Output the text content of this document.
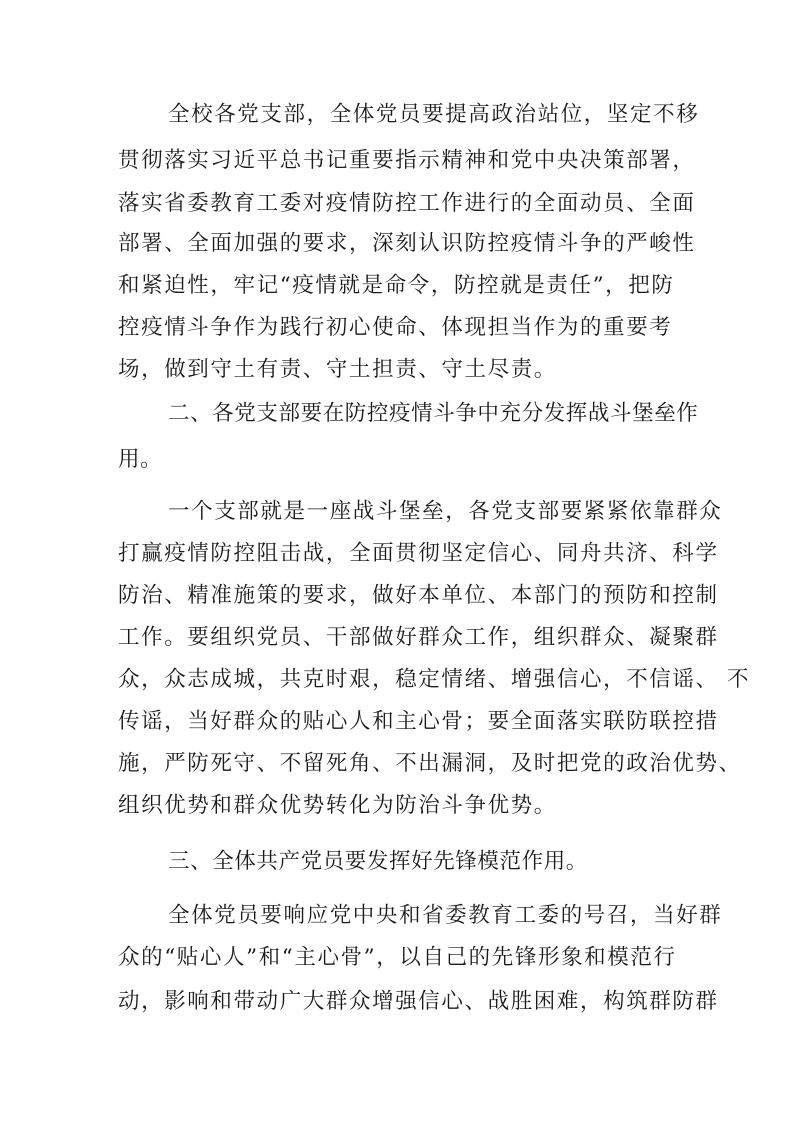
全校各党支部，全体党员要提高政治站位，坚定不移
贯彻落实习近平总书记重要指示精神和党中央决策部署，
落实省委教育工委对疫情防控工作进行的全面动员、全面
部署、全面加强的要求，深刻认识防控疫情斗争的严峻性
和紧迫性，牢记“疫情就是命令，防控就是责任”，把防
控疫情斗争作为践行初心使命、体现担当作为的重要考
场，做到守土有责、守土担责、守土尽责。
二、各党支部要在防控疫情斗争中充分发挥战斗堡垒作
用。
一个支部就是一座战斗堡垒，各党支部要紧紧依靠群众
打赢疫情防控阻击战，全面贯彻坚定信心、同舟共济、科学
防治、精准施策的要求，做好本单位、本部门的预防和控制
工作。要组织党员、干部做好群众工作，组织群众、凝聚群
众，众志成城，共克时艰，稳定情绪、增强信心，不信谣、 不
传谣，当好群众的贴心人和主心骨；要全面落实联防联控措
施，严防死守、不留死角、不出漏洞，及时把党的政治优势、
组织优势和群众优势转化为防治斗争优势。
三、全体共产党员要发挥好先锋模范作用。
全体党员要响应党中央和省委教育工委的号召，当好群
众的“贴心人”和“主心骨”，以自己的先锋形象和模范行
动，影响和带动广大群众增强信心、战胜困难，构筑群防群
